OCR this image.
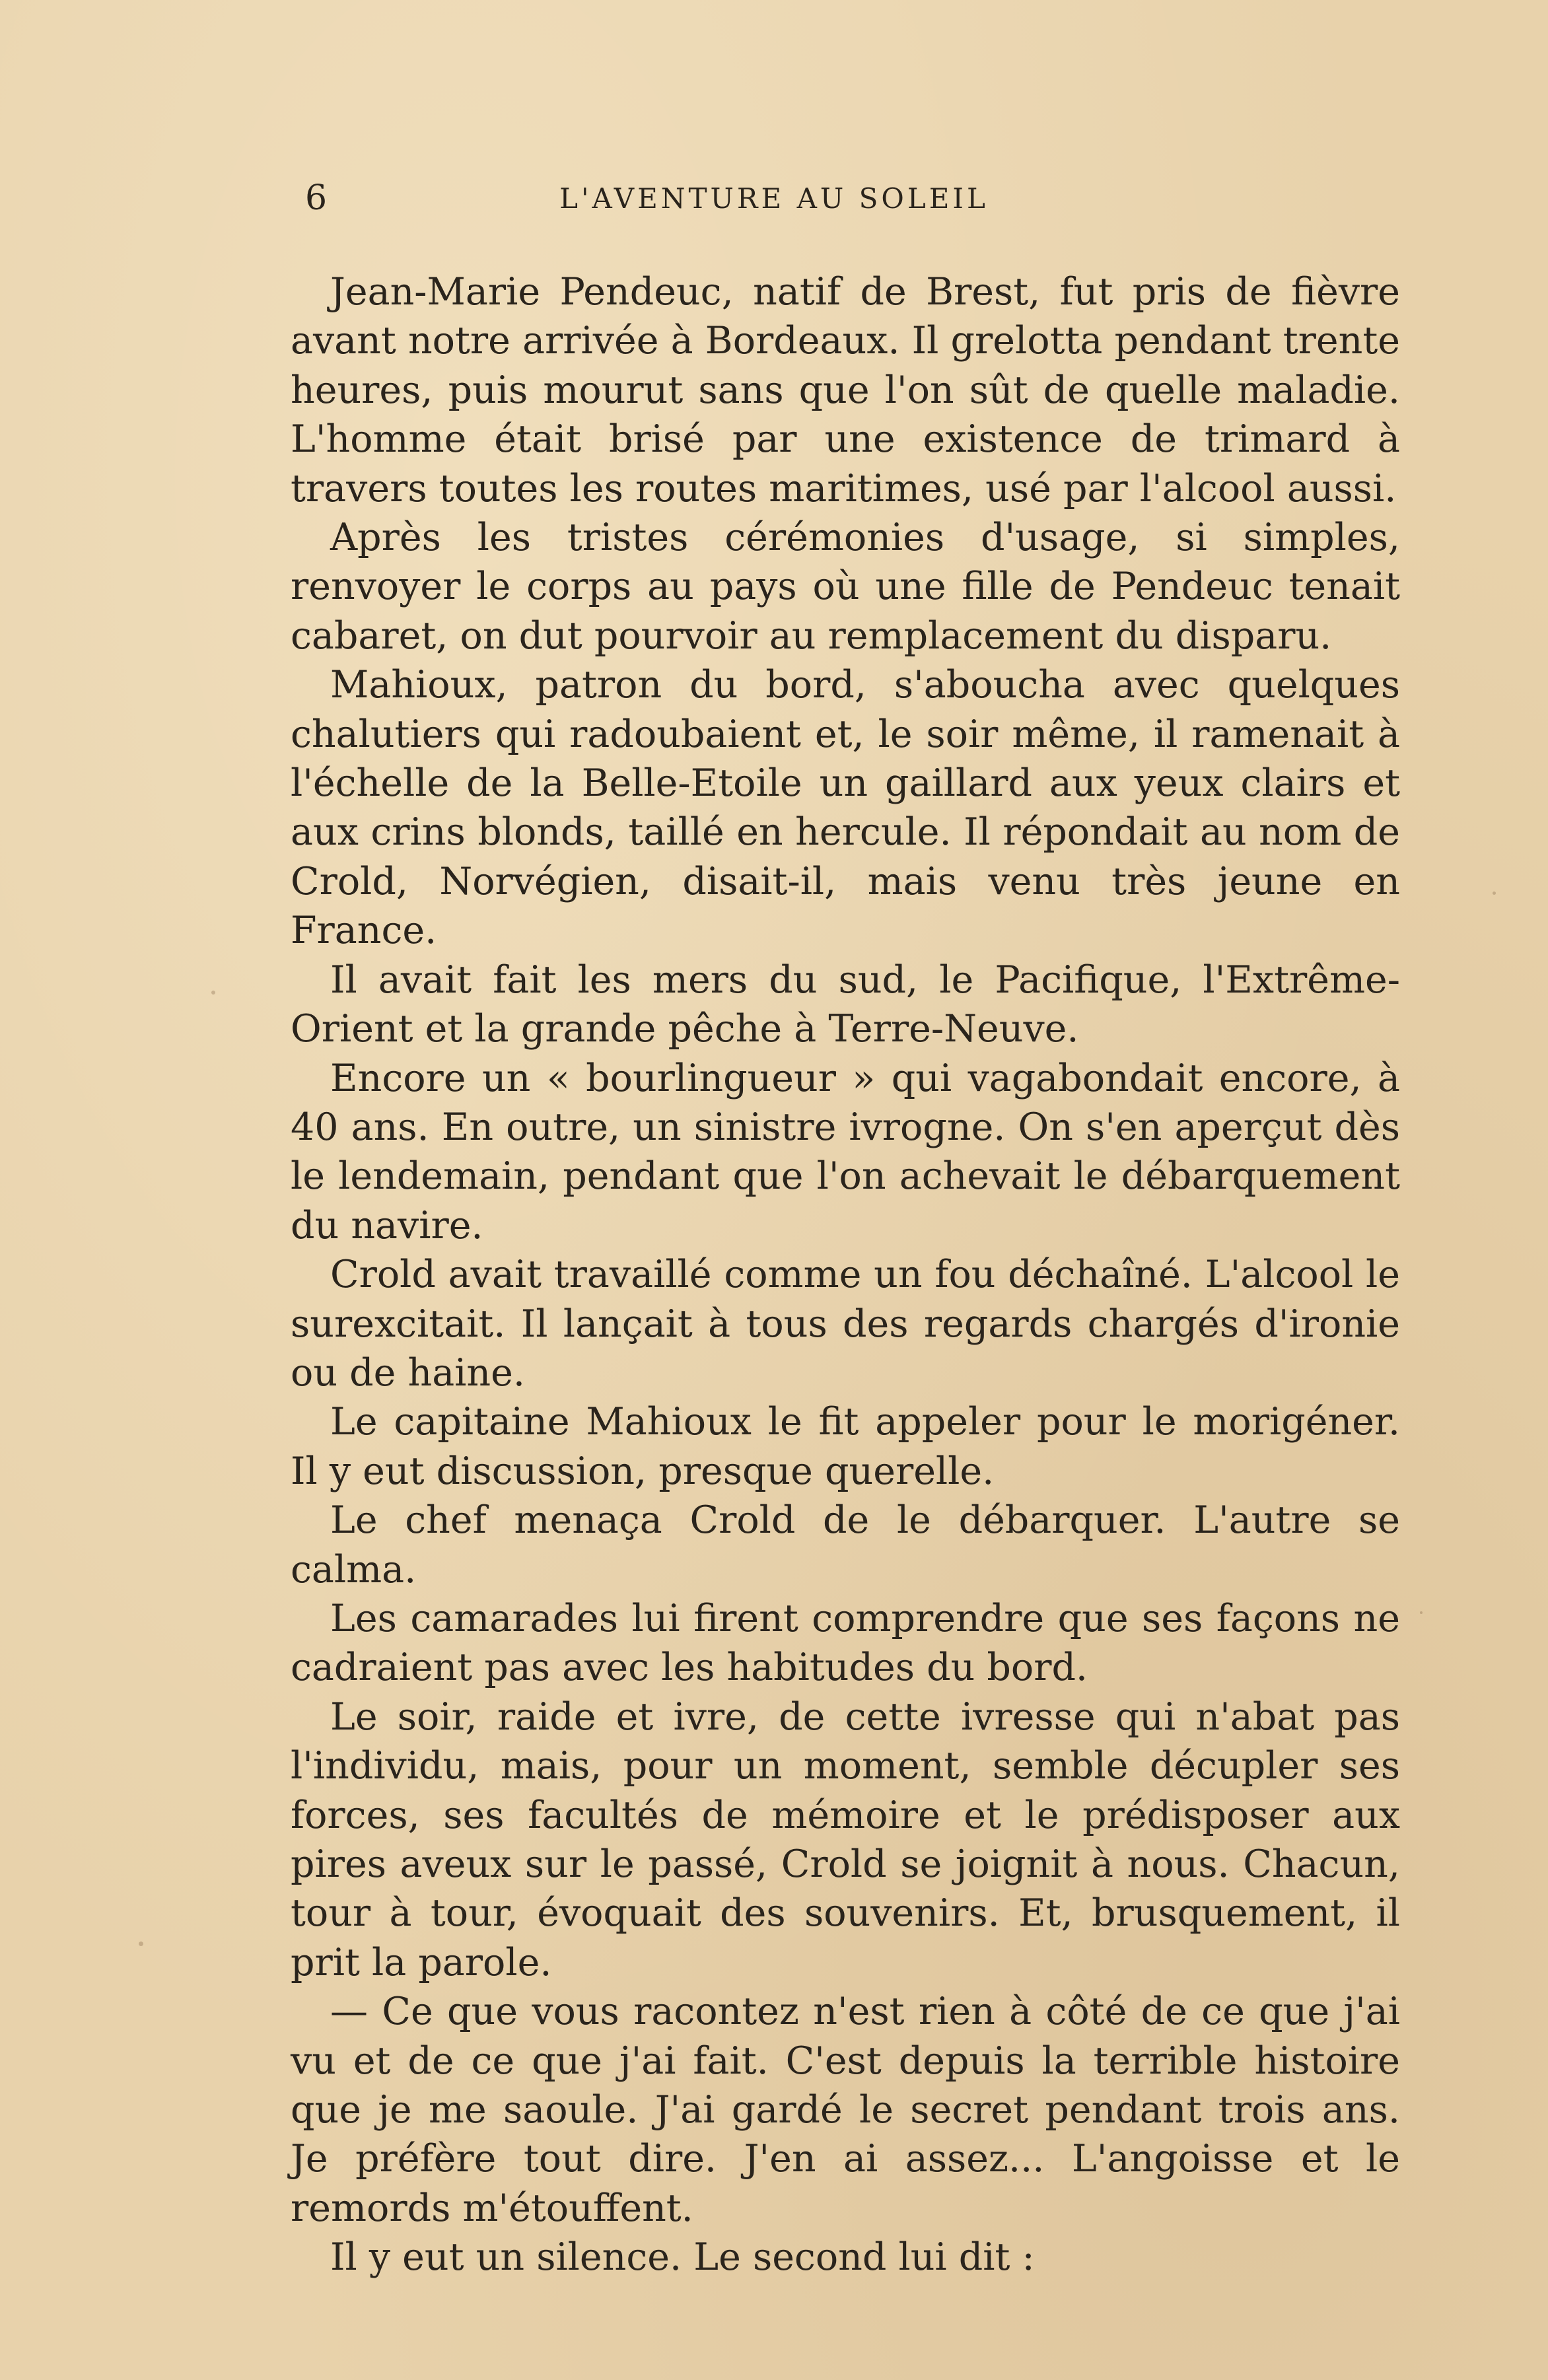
6	L'AVENTURE AU SOLEIL

Jean-Marie Pendeuc, natif de Brest, fut pris de fièvre avant notre arrivée à Bordeaux. Il grelotta pendant trente heures, puis mourut sans que l'on sût de quelle maladie. L'homme était brisé par une existence de trimard à travers toutes les routes maritimes, usé par l'alcool aussi.

Après les tristes cérémonies d'usage, si simples, renvoyer le corps au pays où une fille de Pendeuc tenait cabaret, on dut pourvoir au remplacement du disparu.

Mahioux, patron du bord, s'aboucha avec quelques chalutiers qui radoubaient et, le soir même, il ramenait à l'échelle de la Belle-Etoile un gaillard aux yeux clairs et aux crins blonds, taillé en hercule. Il répondait au nom de Crold, Norvégien, disait-il, mais venu très jeune en France.

Il avait fait les mers du sud, le Pacifique, l'Extrême-Orient et la grande pêche à Terre-Neuve.

Encore un « bourlingueur » qui vagabondait encore, à 40 ans. En outre, un sinistre ivrogne. On s'en aperçut dès le lendemain, pendant que l'on achevait le débarquement du navire.

Crold avait travaillé comme un fou déchaîné. L'alcool le surexcitait. Il lançait à tous des regards chargés d'ironie ou de haine.

Le capitaine Mahioux le fit appeler pour le morigéner. Il y eut discussion, presque querelle.

Le chef menaça Crold de le débarquer. L'autre se calma.

Les camarades lui firent comprendre que ses façons ne cadraient pas avec les habitudes du bord.

Le soir, raide et ivre, de cette ivresse qui n'abat pas l'individu, mais, pour un moment, semble décupler ses forces, ses facultés de mémoire et le prédisposer aux pires aveux sur le passé, Crold se joignit à nous. Chacun, tour à tour, évoquait des souvenirs. Et, brusquement, il prit la parole.

— Ce que vous racontez n'est rien à côté de ce que j'ai vu et de ce que j'ai fait. C'est depuis la terrible histoire que je me saoule. J'ai gardé le secret pendant trois ans. Je préfère tout dire. J'en ai assez... L'angoisse et le remords m'étouffent.

Il y eut un silence. Le second lui dit :
